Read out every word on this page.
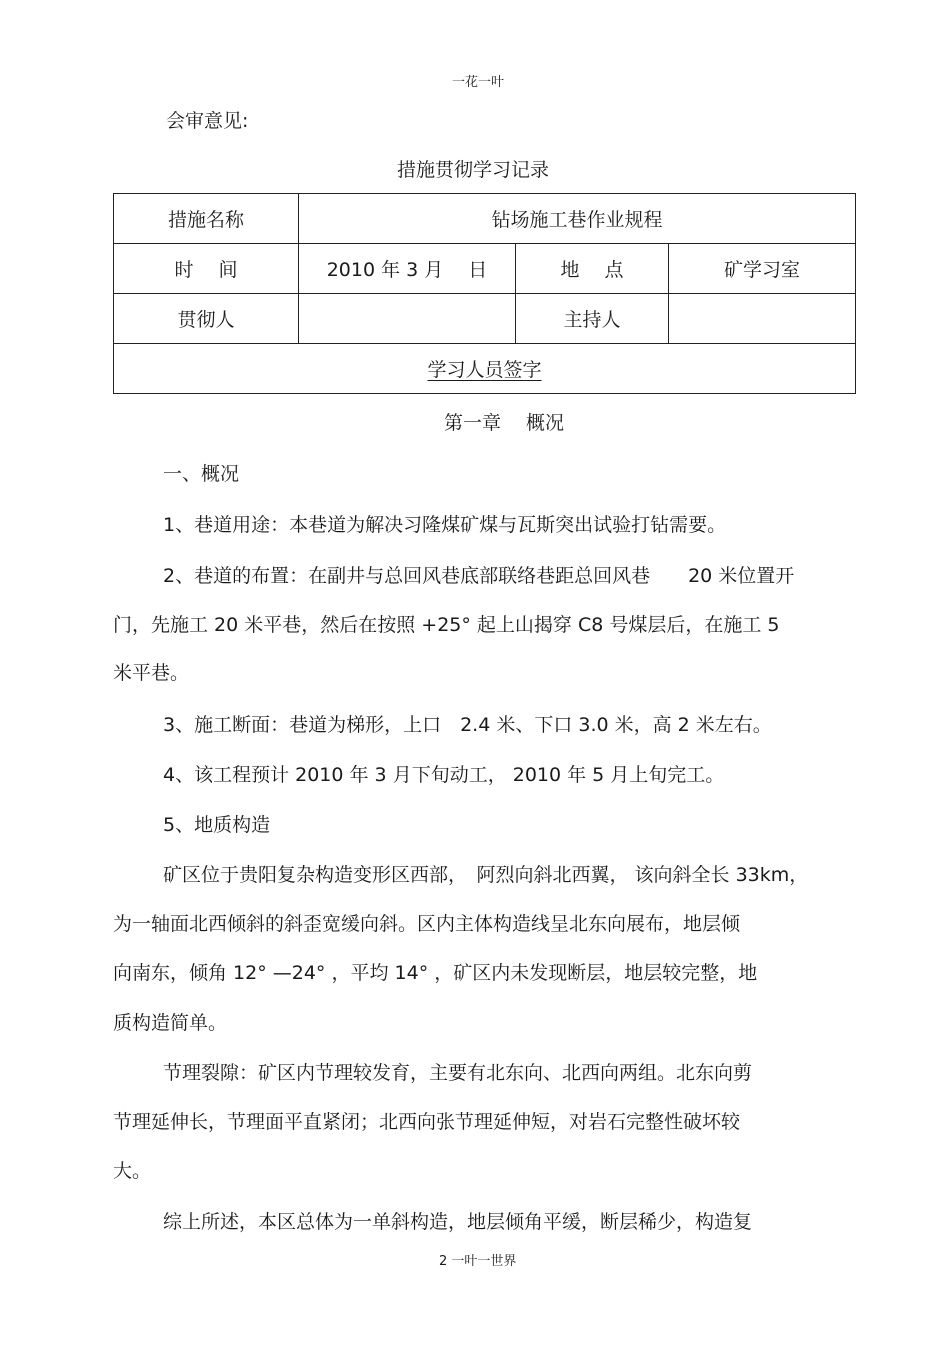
一花一叶
会审意见:
措施贯彻学习记录
措施名称	钻场施工巷作业规程		
时　 间	2010 年 3 月　 日	地　 点	矿学习室
贯彻人		主持人	
学习人员签字			
第一章　 概况
一、概况
1、巷道用途：本巷道为解决习隆煤矿煤与瓦斯突出试验打钻需要。
2、巷道的布置：在副井与总回风巷底部联络巷距总回风巷　　20 米位置开
门，先施工 20 米平巷，然后在按照 +25° 起上山揭穿 C8 号煤层后，在施工 5
米平巷。
3、施工断面：巷道为梯形，上口　2.4 米、下口 3.0 米，高 2 米左右。
4、该工程预计 2010 年 3 月下旬动工， 2010 年 5 月上旬完工。
5、地质构造
矿区位于贵阳复杂构造变形区西部，　阿烈向斜北西翼， 该向斜全长 33km，
为一轴面北西倾斜的斜歪宽缓向斜。区内主体构造线呈北东向展布，地层倾
向南东，倾角 12° —24° ，平均 14° ，矿区内未发现断层，地层较完整，地
质构造简单。
节理裂隙：矿区内节理较发育，主要有北东向、北西向两组。北东向剪
节理延伸长，节理面平直紧闭；北西向张节理延伸短，对岩石完整性破坏较
大。
综上所述，本区总体为一单斜构造，地层倾角平缓，断层稀少，构造复
2 一叶一世界
